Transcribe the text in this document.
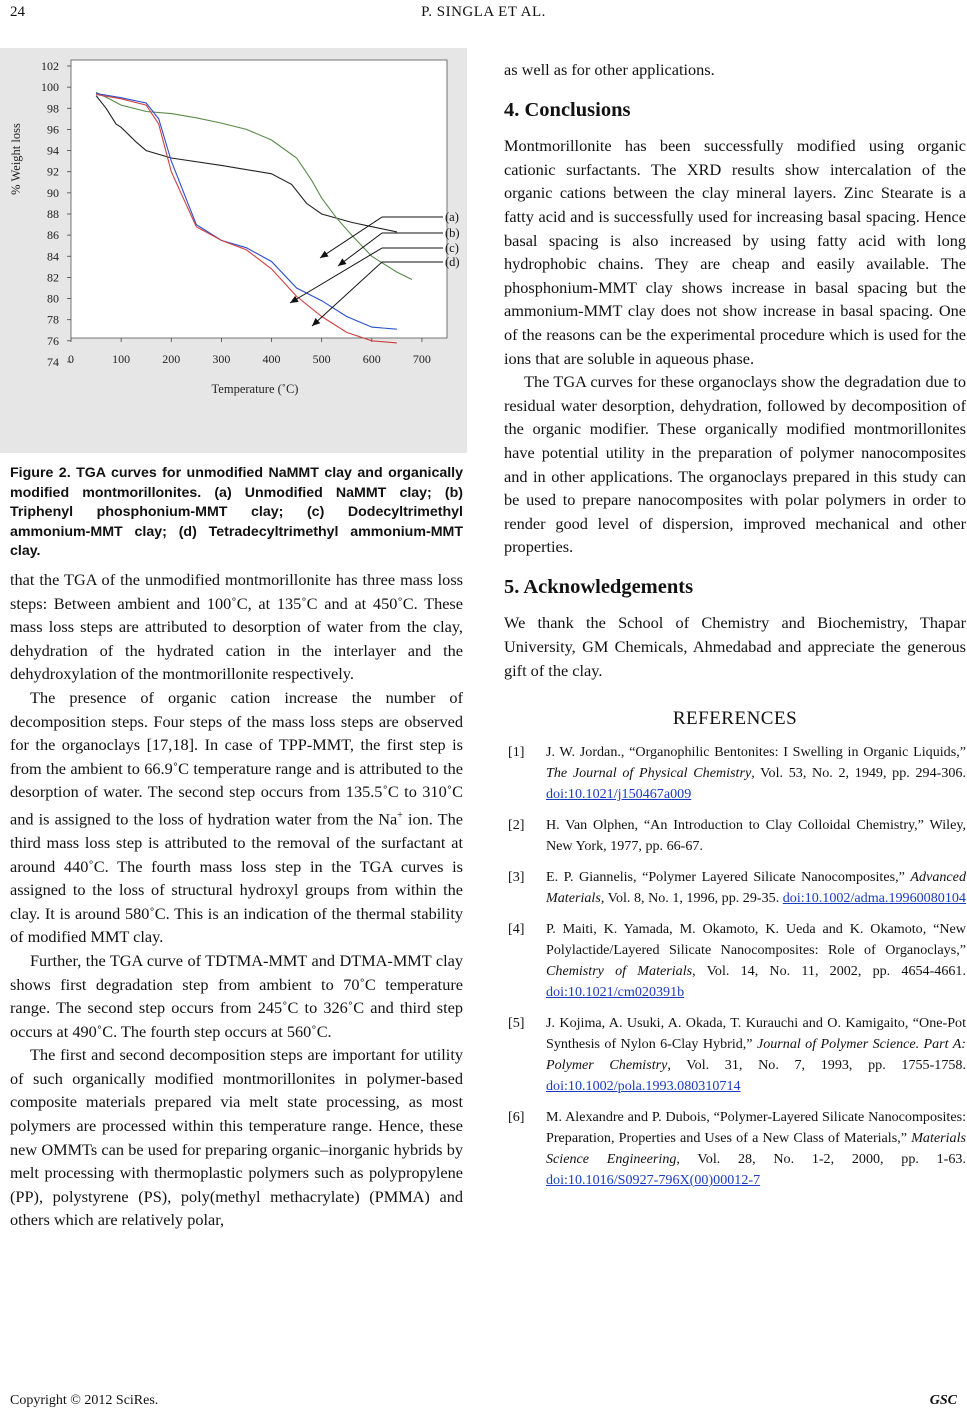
24	P. SINGLA ET AL.
74
76
78
80
82
84
86
88
90
92
94
96
98
100
102
0	100	200	300	400	500	600	700
Temperature (˚C)
% Weight loss
(a)
(b)
(c)
(d)
Figure 2. TGA curves for unmodified NaMMT clay and organically modified montmorillonites. (a) Unmodified NaMMT clay; (b) Triphenyl phosphonium-MMT clay; (c) Dodecyltrimethyl ammonium-MMT clay; (d) Tetradecyltrimethyl ammonium-MMT clay.

that the TGA of the unmodified montmorillonite has three mass loss steps: Between ambient and 100˚C, at 135˚C and at 450˚C. These mass loss steps are attributed to desorption of water from the clay, dehydration of the hydrated cation in the interlayer and the dehydroxylation of the montmorillonite respectively.

The presence of organic cation increase the number of decomposition steps. Four steps of the mass loss steps are observed for the organoclays [17,18]. In case of TPP-MMT, the first step is from the ambient to 66.9˚C temperature range and is attributed to the desorption of water. The second step occurs from 135.5˚C to 310˚C and is assigned to the loss of hydration water from the Na+ ion. The third mass loss step is attributed to the removal of the surfactant at around 440˚C. The fourth mass loss step in the TGA curves is assigned to the loss of structural hydroxyl groups from within the clay. It is around 580˚C. This is an indication of the thermal stability of modified MMT clay.

Further, the TGA curve of TDTMA-MMT and DTMA-MMT clay shows first degradation step from ambient to 70˚C temperature range. The second step occurs from 245˚C to 326˚C and third step occurs at 490˚C. The fourth step occurs at 560˚C.

The first and second decomposition steps are important for utility of such organically modified montmorillonites in polymer-based composite materials prepared via melt state processing, as most polymers are processed within this temperature range. Hence, these new OMMTs can be used for preparing organic–inorganic hybrids by melt processing with thermoplastic polymers such as polypropylene (PP), polystyrene (PS), poly(methyl methacrylate) (PMMA) and others which are relatively polar,

as well as for other applications.

4. Conclusions

Montmorillonite has been successfully modified using organic cationic surfactants. The XRD results show intercalation of the organic cations between the clay mineral layers. Zinc Stearate is a fatty acid and is successfully used for increasing basal spacing. Hence basal spacing is also increased by using fatty acid with long hydrophobic chains. They are cheap and easily available. The phosphonium-MMT clay shows increase in basal spacing but the ammonium-MMT clay does not show increase in basal spacing. One of the reasons can be the experimental procedure which is used for the ions that are soluble in aqueous phase.

The TGA curves for these organoclays show the degradation due to residual water desorption, dehydration, followed by decomposition of the organic modifier. These organically modified montmorillonites have potential utility in the preparation of polymer nanocomposites and in other applications. The organoclays prepared in this study can be used to prepare nanocomposites with polar polymers in order to render good level of dispersion, improved mechanical and other properties.

5. Acknowledgements

We thank the School of Chemistry and Biochemistry, Thapar University, GM Chemicals, Ahmedabad and appreciate the generous gift of the clay.

REFERENCES

[1] J. W. Jordan., “Organophilic Bentonites: I Swelling in Organic Liquids,” The Journal of Physical Chemistry, Vol. 53, No. 2, 1949, pp. 294-306. doi:10.1021/j150467a009
[2] H. Van Olphen, “An Introduction to Clay Colloidal Chemistry,” Wiley, New York, 1977, pp. 66-67.
[3] E. P. Giannelis, “Polymer Layered Silicate Nanocomposites,” Advanced Materials, Vol. 8, No. 1, 1996, pp. 29-35. doi:10.1002/adma.19960080104
[4] P. Maiti, K. Yamada, M. Okamoto, K. Ueda and K. Okamoto, “New Polylactide/Layered Silicate Nanocomposites: Role of Organoclays,” Chemistry of Materials, Vol. 14, No. 11, 2002, pp. 4654-4661. doi:10.1021/cm020391b
[5] J. Kojima, A. Usuki, A. Okada, T. Kurauchi and O. Kamigaito, “One-Pot Synthesis of Nylon 6-Clay Hybrid,” Journal of Polymer Science. Part A: Polymer Chemistry, Vol. 31, No. 7, 1993, pp. 1755-1758. doi:10.1002/pola.1993.080310714
[6] M. Alexandre and P. Dubois, “Polymer-Layered Silicate Nanocomposites: Preparation, Properties and Uses of a New Class of Materials,” Materials Science Engineering, Vol. 28, No. 1-2, 2000, pp. 1-63. doi:10.1016/S0927-796X(00)00012-7
Copyright © 2012 SciRes.	GSC
